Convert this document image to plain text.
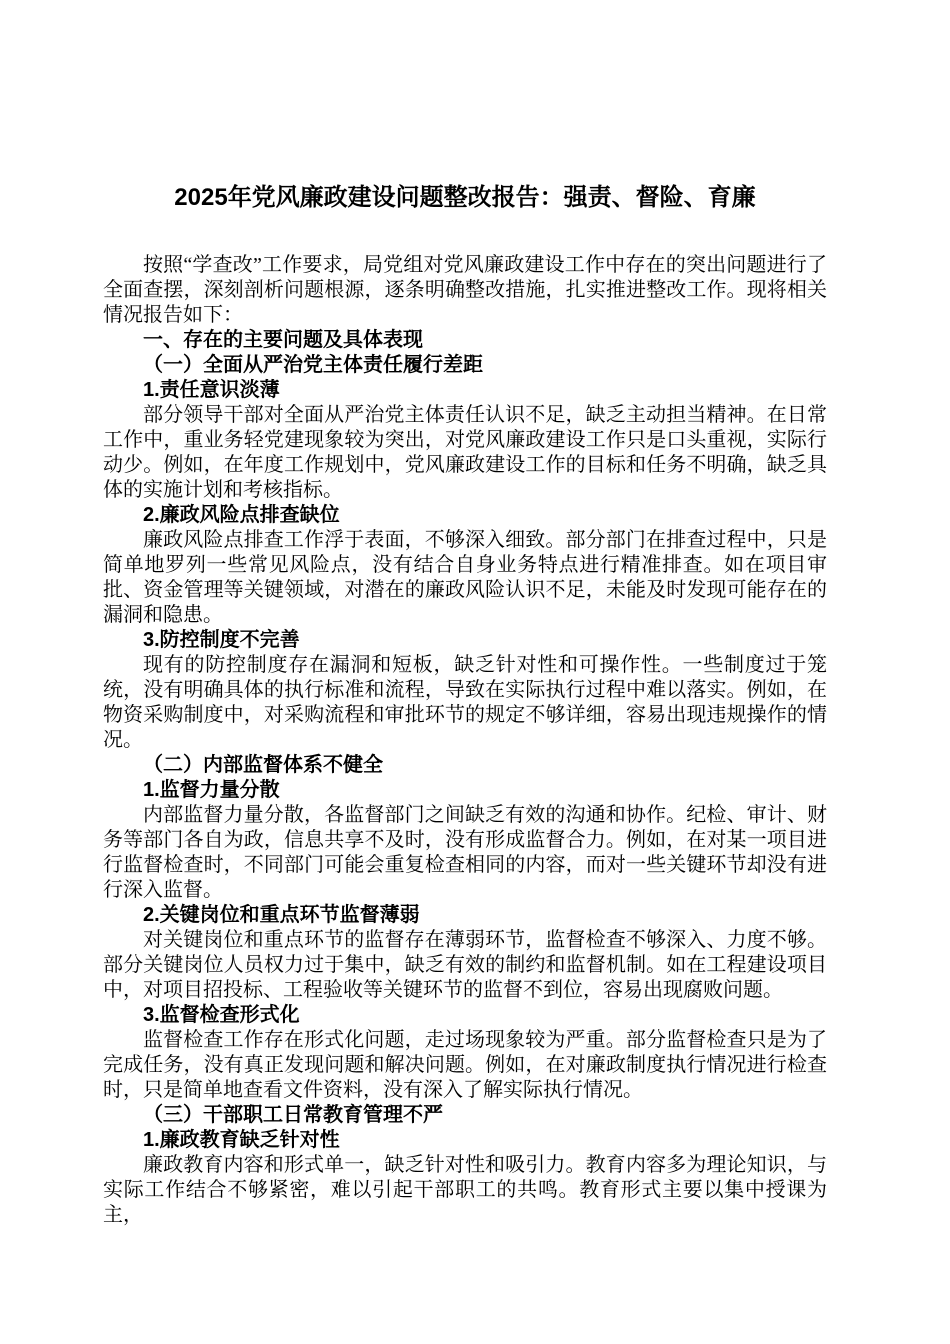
2025年党风廉政建设问题整改报告：强责、督险、育廉

按照“学查改”工作要求，局党组对党风廉政建设工作中存在的突出问题进行了全面查摆，深刻剖析问题根源，逐条明确整改措施，扎实推进整改工作。现将相关情况报告如下：

一、存在的主要问题及具体表现

（一）全面从严治党主体责任履行差距

1.责任意识淡薄

部分领导干部对全面从严治党主体责任认识不足，缺乏主动担当精神。在日常工作中，重业务轻党建现象较为突出，对党风廉政建设工作只是口头重视，实际行动少。例如，在年度工作规划中，党风廉政建设工作的目标和任务不明确，缺乏具体的实施计划和考核指标。

2.廉政风险点排查缺位

廉政风险点排查工作浮于表面，不够深入细致。部分部门在排查过程中，只是简单地罗列一些常见风险点，没有结合自身业务特点进行精准排查。如在项目审批、资金管理等关键领域，对潜在的廉政风险认识不足，未能及时发现可能存在的漏洞和隐患。

3.防控制度不完善

现有的防控制度存在漏洞和短板，缺乏针对性和可操作性。一些制度过于笼统，没有明确具体的执行标准和流程，导致在实际执行过程中难以落实。例如，在物资采购制度中，对采购流程和审批环节的规定不够详细，容易出现违规操作的情况。

（二）内部监督体系不健全

1.监督力量分散

内部监督力量分散，各监督部门之间缺乏有效的沟通和协作。纪检、审计、财务等部门各自为政，信息共享不及时，没有形成监督合力。例如，在对某一项目进行监督检查时，不同部门可能会重复检查相同的内容，而对一些关键环节却没有进行深入监督。

2.关键岗位和重点环节监督薄弱

对关键岗位和重点环节的监督存在薄弱环节，监督检查不够深入、力度不够。部分关键岗位人员权力过于集中，缺乏有效的制约和监督机制。如在工程建设项目中，对项目招投标、工程验收等关键环节的监督不到位，容易出现腐败问题。

3.监督检查形式化

监督检查工作存在形式化问题，走过场现象较为严重。部分监督检查只是为了完成任务，没有真正发现问题和解决问题。例如，在对廉政制度执行情况进行检查时，只是简单地查看文件资料，没有深入了解实际执行情况。

（三）干部职工日常教育管理不严

1.廉政教育缺乏针对性

廉政教育内容和形式单一，缺乏针对性和吸引力。教育内容多为理论知识，与实际工作结合不够紧密，难以引起干部职工的共鸣。教育形式主要以集中授课为主，
